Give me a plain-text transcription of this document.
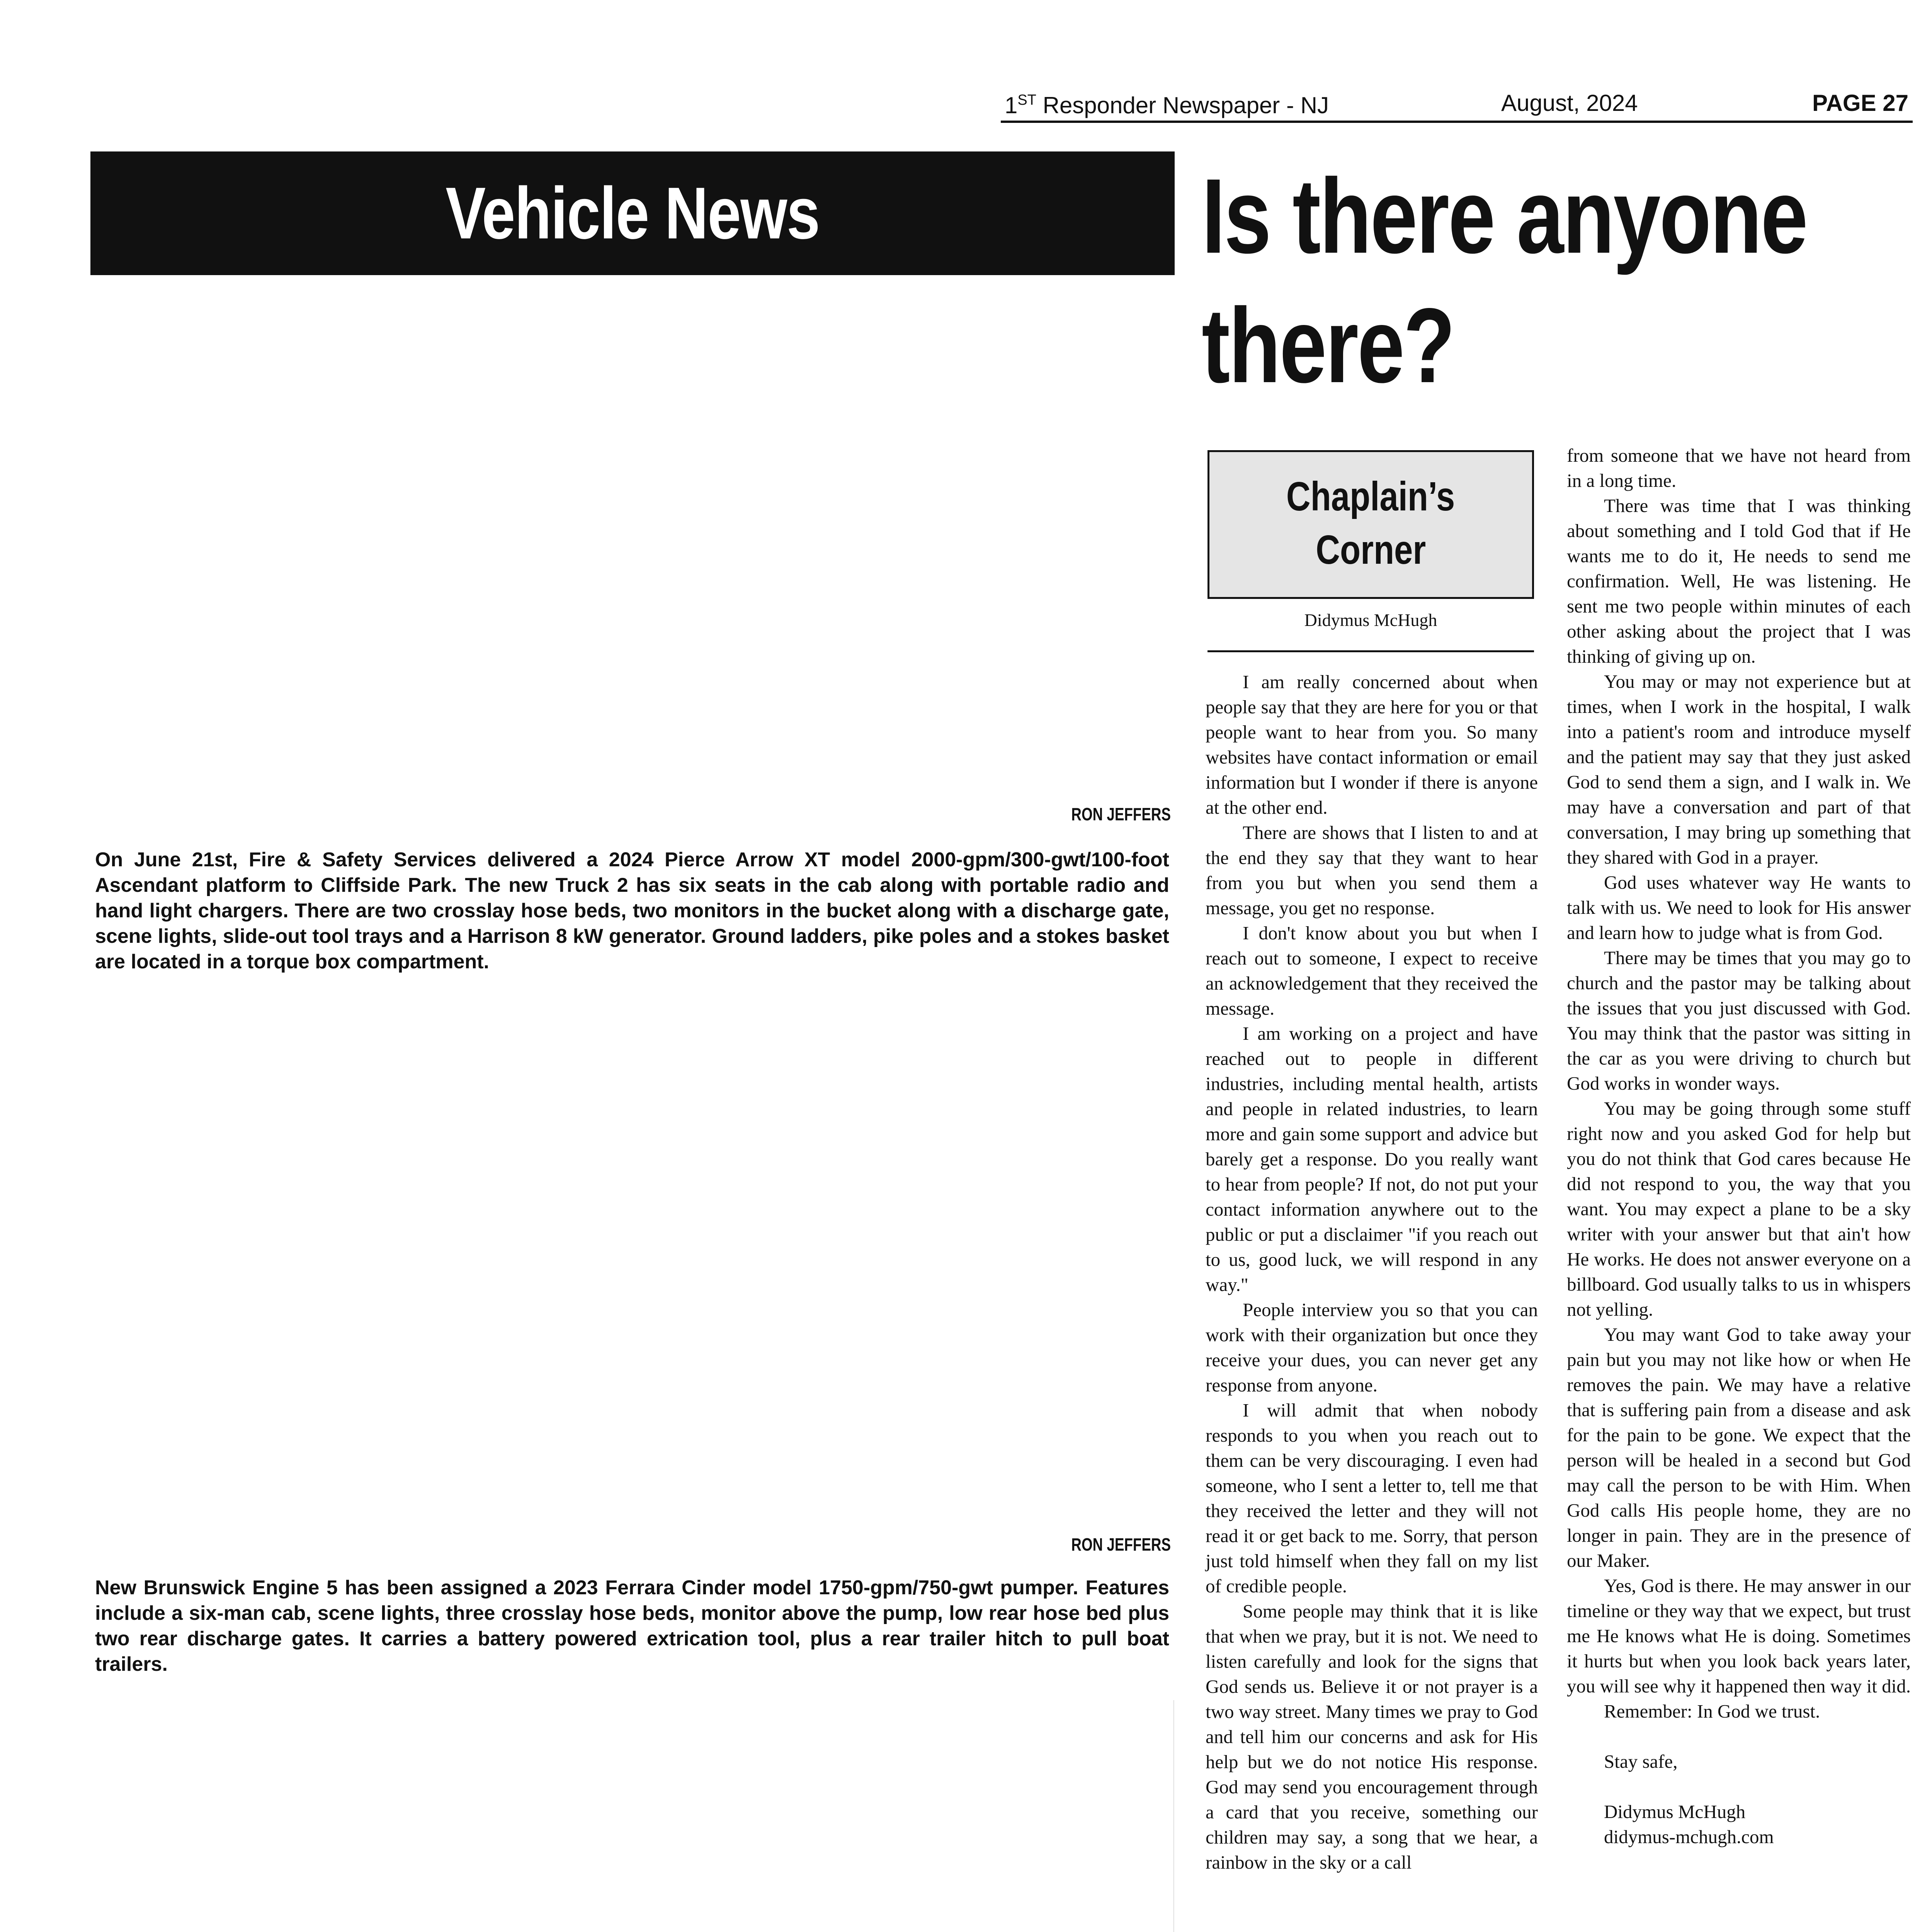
1ST Responder Newspaper - NJ	August, 2024	PAGE 27
Vehicle News
RON JEFFERS
On June 21st, Fire & Safety Services delivered a 2024 Pierce Arrow XT model 2000-gpm/300-gwt/100-foot Ascendant platform to Cliffside Park. The new Truck 2 has six seats in the cab along with portable radio and hand light chargers. There are two crosslay hose beds, two monitors in the bucket along with a discharge gate, scene lights, slide-out tool trays and a Harrison 8 kW generator. Ground ladders, pike poles and a stokes basket are located in a torque box compartment.
RON JEFFERS
New Brunswick Engine 5 has been assigned a 2023 Ferrara Cinder model 1750-gpm/750-gwt pumper. Features include a six-man cab, scene lights, three crosslay hose beds, monitor above the pump, low rear hose bed plus two rear discharge gates. It carries a battery powered extrication tool, plus a rear trailer hitch to pull boat trailers.
Is there anyone
there?
Chaplain’s
Corner
Didymus McHugh

I am really concerned about when people say that they are here for you or that people want to hear from you. So many websites have contact information or email information but I wonder if there is anyone at the other end.

There are shows that I listen to and at the end they say that they want to hear from you but when you send them a message, you get no response.

I don't know about you but when I reach out to someone, I expect to receive an acknowledgement that they received the message.

I am working on a project and have reached out to people in different industries, including mental health, artists and people in related industries, to learn more and gain some support and advice but barely get a response. Do you really want to hear from people? If not, do not put your contact information anywhere out to the public or put a disclaimer "if you reach out to us, good luck, we will respond in any way."

People interview you so that you can work with their organization but once they receive your dues, you can never get any response from anyone.

I will admit that when nobody responds to you when you reach out to them can be very discouraging. I even had someone, who I sent a letter to, tell me that they received the letter and they will not read it or get back to me. Sorry, that person just told himself when they fall on my list of credible people.

Some people may think that it is like that when we pray, but it is not. We need to listen carefully and look for the signs that God sends us. Believe it or not prayer is a two way street. Many times we pray to God and tell him our concerns and ask for His help but we do not notice His response. God may send you encouragement through a card that you receive, something our children may say, a song that we hear, a rainbow in the sky or a call

from someone that we have not heard from in a long time.

There was time that I was thinking about something and I told God that if He wants me to do it, He needs to send me confirmation. Well, He was listening. He sent me two people within minutes of each other asking about the project that I was thinking of giving up on.

You may or may not experience but at times, when I work in the hospital, I walk into a patient's room and introduce myself and the patient may say that they just asked God to send them a sign, and I walk in. We may have a conversation and part of that conversation, I may bring up something that they shared with God in a prayer.

God uses whatever way He wants to talk with us. We need to look for His answer and learn how to judge what is from God.

There may be times that you may go to church and the pastor may be talking about the issues that you just discussed with God. You may think that the pastor was sitting in the car as you were driving to church but God works in wonder ways.

You may be going through some stuff right now and you asked God for help but you do not think that God cares because He did not respond to you, the way that you want. You may expect a plane to be a sky writer with your answer but that ain't how He works. He does not answer everyone on a billboard. God usually talks to us in whispers not yelling.

You may want God to take away your pain but you may not like how or when He removes the pain. We may have a relative that is suffering pain from a disease and ask for the pain to be gone. We expect that the person will be healed in a second but God may call the person to be with Him. When God calls His people home, they are no longer in pain. They are in the presence of our Maker.

Yes, God is there. He may answer in our timeline or they way that we expect, but trust me He knows what He is doing. Sometimes it hurts but when you look back years later, you will see why it happened then way it did.

Remember: In God we trust.

Stay safe,

Didymus McHugh

didymus-mchugh.com
